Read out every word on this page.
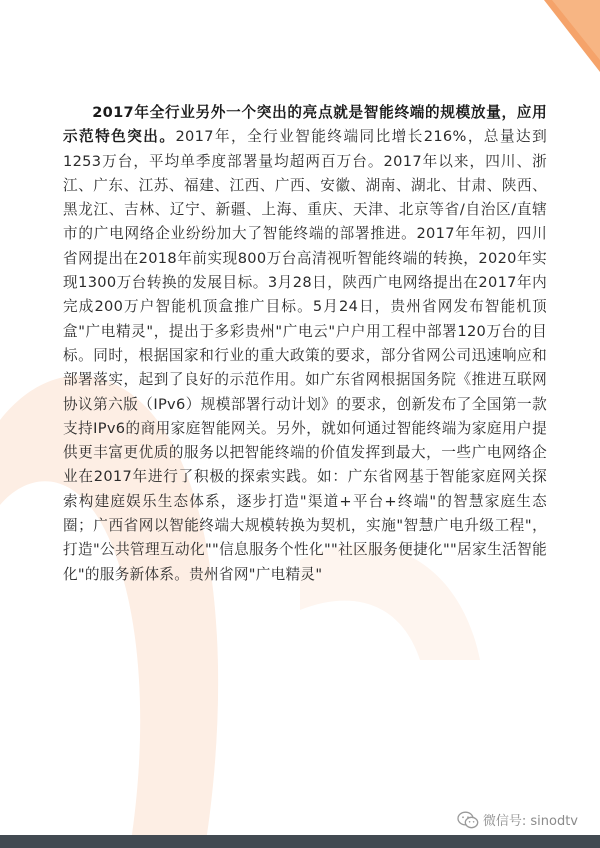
2017年全行业另外一个突出的亮点就是智能终端的规模放量，应用示范特色突出。2017年，全行业智能终端同比增长216%，总量达到1253万台，平均单季度部署量均超两百万台。2017年以来，四川、浙江、广东、江苏、福建、江西、广西、安徽、湖南、湖北、甘肃、陕西、黑龙江、吉林、辽宁、新疆、上海、重庆、天津、北京等省/自治区/直辖市的广电网络企业纷纷加大了智能终端的部署推进。2017年年初，四川省网提出在2018年前实现800万台高清视听智能终端的转换，2020年实现1300万台转换的发展目标。3月28日，陕西广电网络提出在2017年内完成200万户智能机顶盒推广目标。5月24日，贵州省网发布智能机顶盒"广电精灵"，提出于多彩贵州"广电云"户户用工程中部署120万台的目标。同时，根据国家和行业的重大政策的要求，部分省网公司迅速响应和部署落实，起到了良好的示范作用。如广东省网根据国务院《推进互联网协议第六版（IPv6）规模部署行动计划》的要求，创新发布了全国第一款支持IPv6的商用家庭智能网关。另外，就如何通过智能终端为家庭用户提供更丰富更优质的服务以把智能终端的价值发挥到最大，一些广电网络企业在2017年进行了积极的探索实践。如：广东省网基于智能家庭网关探索构建庭娱乐生态体系，逐步打造"渠道+平台+终端"的智慧家庭生态圈；广西省网以智能终端大规模转换为契机，实施"智慧广电升级工程"，打造"公共管理互动化""信息服务个性化""社区服务便捷化""居家生活智能化"的服务新体系。贵州省网"广电精灵"

微信号: sinodtv
